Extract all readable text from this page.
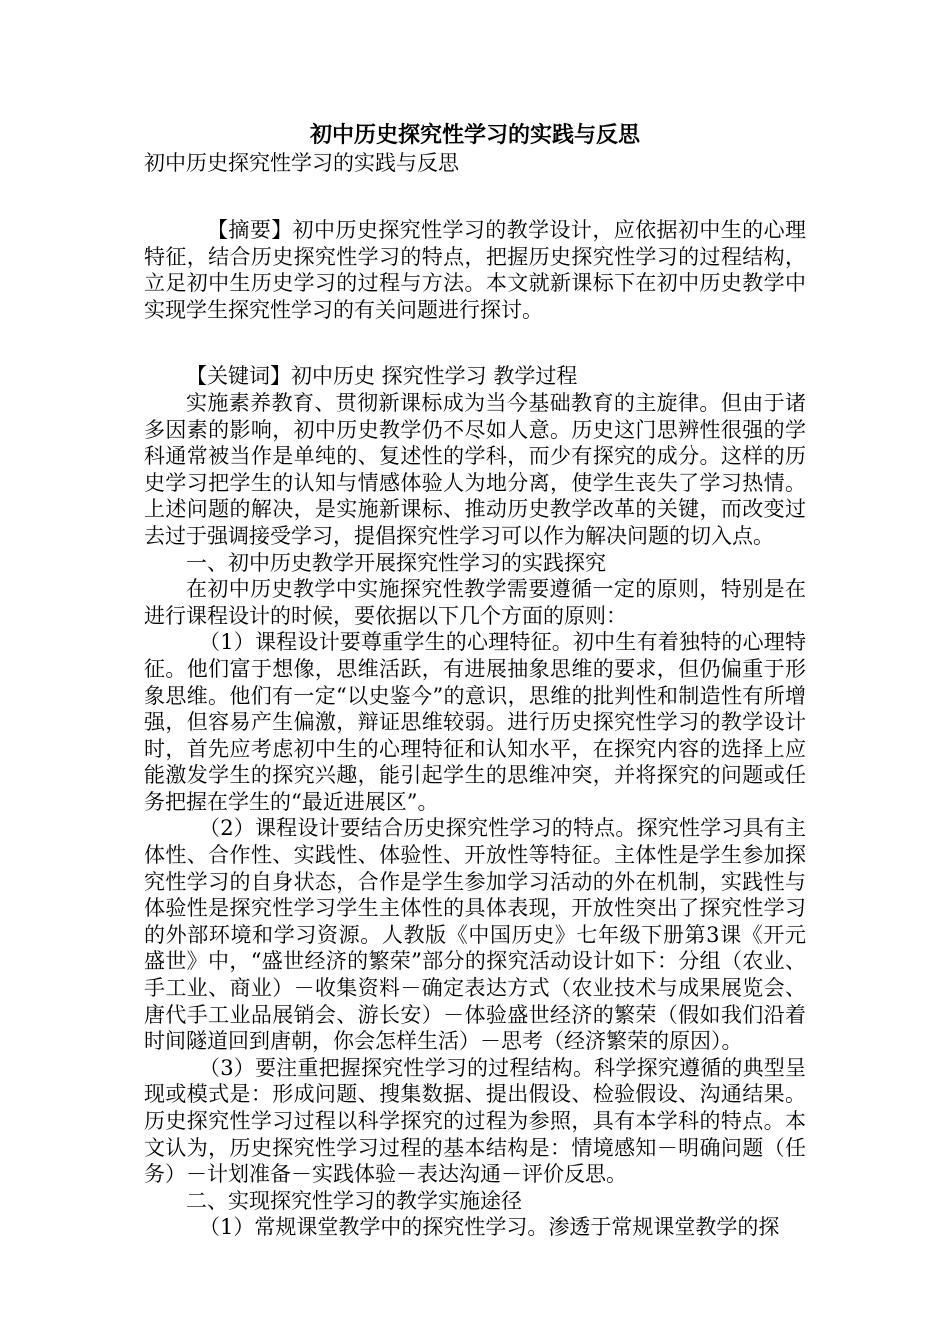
初中历史探究性学习的实践与反思
初中历史探究性学习的实践与反思

【摘要】初中历史探究性学习的教学设计，应依据初中生的心理特征，结合历史探究性学习的特点，把握历史探究性学习的过程结构，立足初中生历史学习的过程与方法。本文就新课标下在初中历史教学中实现学生探究性学习的有关问题进行探讨。

【关键词】初中历史 探究性学习 教学过程

实施素养教育、贯彻新课标成为当今基础教育的主旋律。但由于诸多因素的影响，初中历史教学仍不尽如人意。历史这门思辨性很强的学科通常被当作是单纯的、复述性的学科，而少有探究的成分。这样的历史学习把学生的认知与情感体验人为地分离，使学生丧失了学习热情。上述问题的解决，是实施新课标、推动历史教学改革的关键，而改变过去过于强调接受学习，提倡探究性学习可以作为解决问题的切入点。

一、初中历史教学开展探究性学习的实践探究

在初中历史教学中实施探究性教学需要遵循一定的原则，特别是在进行课程设计的时候，要依据以下几个方面的原则：

（1）课程设计要尊重学生的心理特征。初中生有着独特的心理特征。他们富于想像，思维活跃，有进展抽象思维的要求，但仍偏重于形象思维。他们有一定“以史鉴今”的意识，思维的批判性和制造性有所增强，但容易产生偏激，辩证思维较弱。进行历史探究性学习的教学设计时，首先应考虑初中生的心理特征和认知水平，在探究内容的选择上应能激发学生的探究兴趣，能引起学生的思维冲突，并将探究的问题或任务把握在学生的“最近进展区”。

（2）课程设计要结合历史探究性学习的特点。探究性学习具有主体性、合作性、实践性、体验性、开放性等特征。主体性是学生参加探究性学习的自身状态，合作是学生参加学习活动的外在机制，实践性与体验性是探究性学习学生主体性的具体表现，开放性突出了探究性学习的外部环境和学习资源。人教版《中国历史》七年级下册第3课《开元盛世》中，“盛世经济的繁荣”部分的探究活动设计如下：分组（农业、手工业、商业）－收集资料－确定表达方式（农业技术与成果展览会、唐代手工业品展销会、游长安）－体验盛世经济的繁荣（假如我们沿着时间隧道回到唐朝，你会怎样生活）－思考（经济繁荣的原因）。

（3）要注重把握探究性学习的过程结构。科学探究遵循的典型呈现或模式是：形成问题、搜集数据、提出假设、检验假设、沟通结果。历史探究性学习过程以科学探究的过程为参照，具有本学科的特点。本文认为，历史探究性学习过程的基本结构是：情境感知－明确问题（任务）－计划准备－实践体验－表达沟通－评价反思。

二、实现探究性学习的教学实施途径

（1）常规课堂教学中的探究性学习。渗透于常规课堂教学的探
